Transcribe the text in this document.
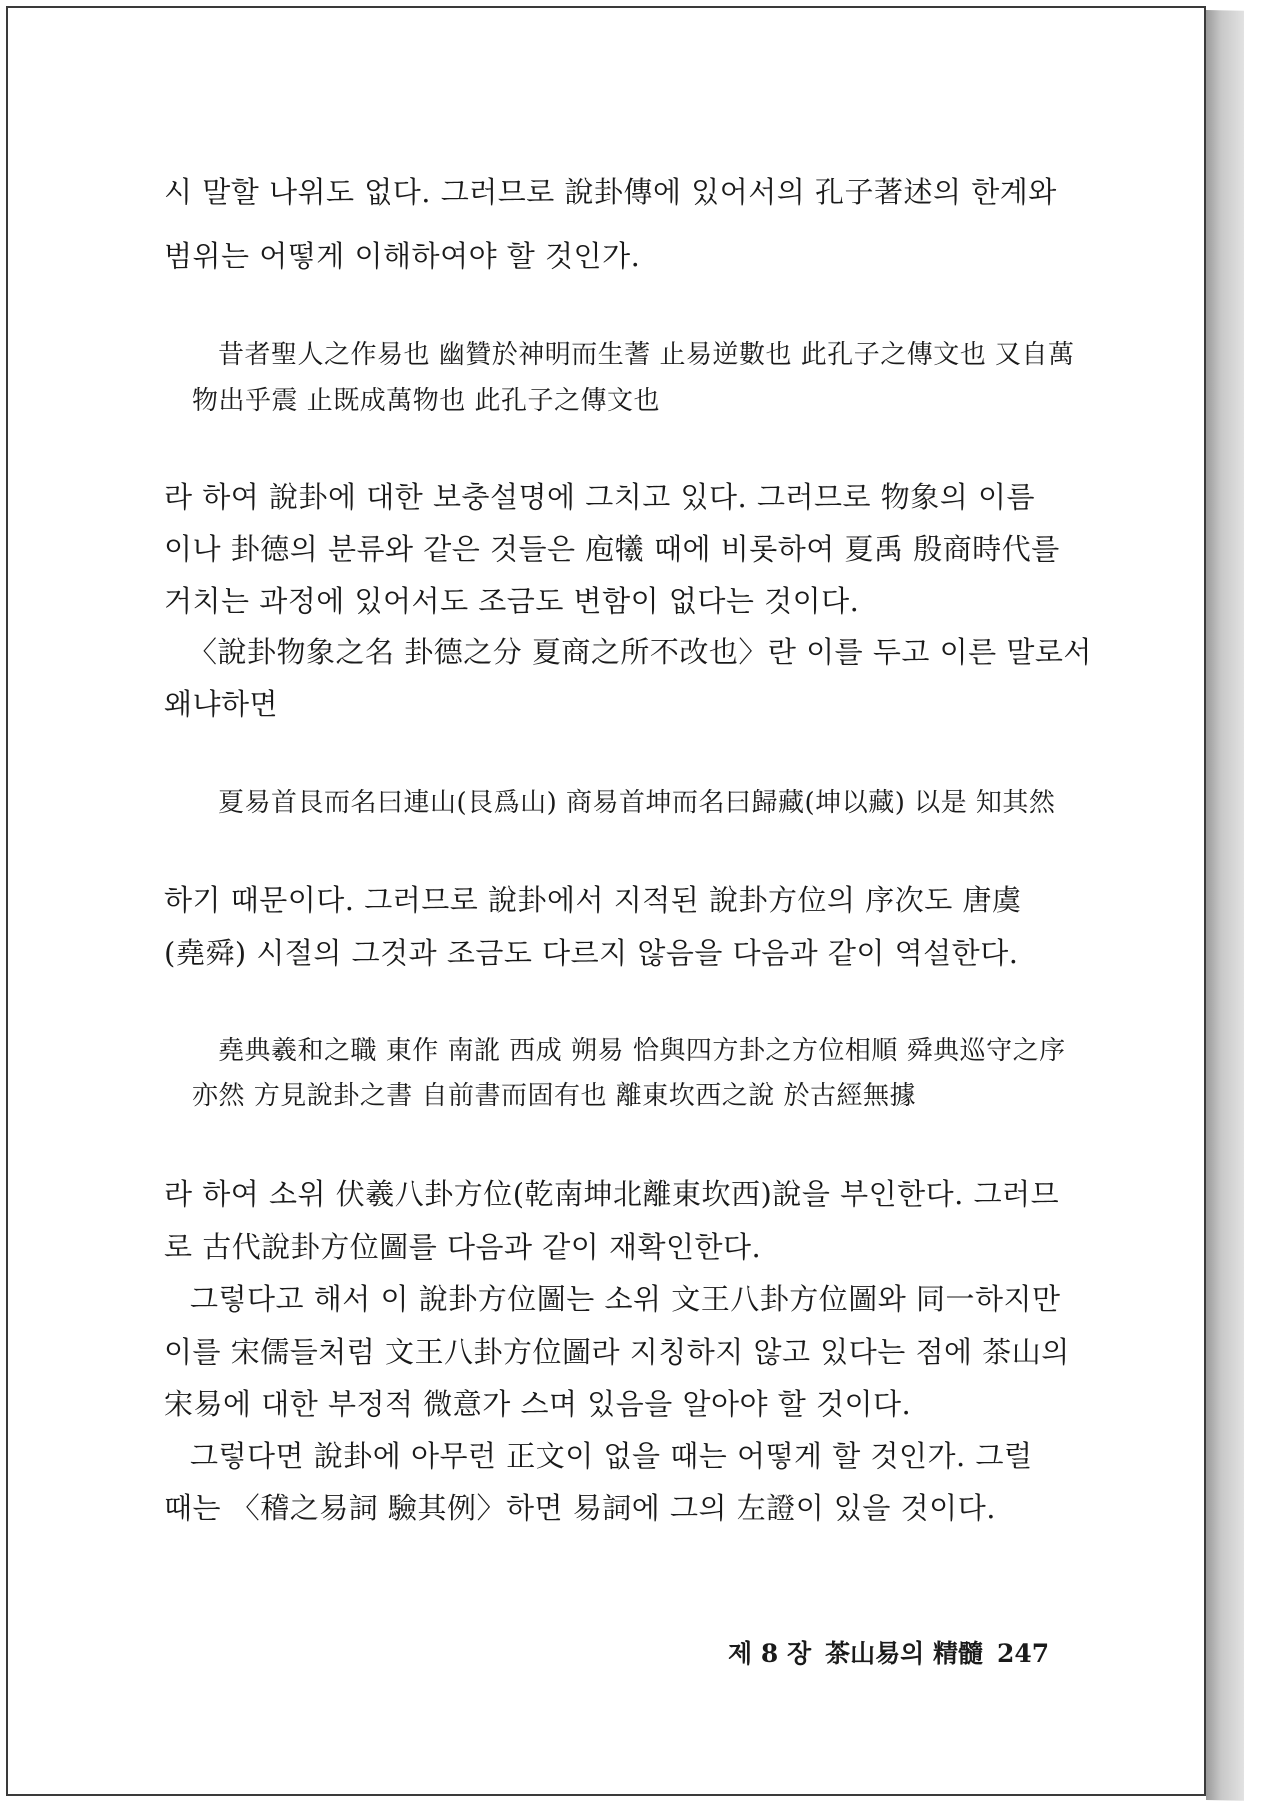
시 말할 나위도 없다. 그러므로 說卦傳에 있어서의 孔子著述의 한계와
범위는 어떻게 이해하여야 할 것인가.
昔者聖人之作易也 幽贊於神明而生蓍 止易逆數也 此孔子之傳文也 又自萬
物出乎震 止既成萬物也 此孔子之傳文也
라 하여 說卦에 대한 보충설명에 그치고 있다. 그러므로 物象의 이름
이나 卦德의 분류와 같은 것들은 庖犧 때에 비롯하여 夏禹 殷商時代를
거치는 과정에 있어서도 조금도 변함이 없다는 것이다.
〈說卦物象之名 卦德之分 夏商之所不改也〉란 이를 두고 이른 말로서
왜냐하면
夏易首艮而名曰連山(艮爲山) 商易首坤而名曰歸藏(坤以藏) 以是 知其然
하기 때문이다. 그러므로 說卦에서 지적된 說卦方位의 序次도 唐虞
(堯舜) 시절의 그것과 조금도 다르지 않음을 다음과 같이 역설한다.
堯典羲和之職 東作 南訛 西成 朔易 恰與四方卦之方位相順 舜典巡守之序
亦然 方見說卦之書 自前書而固有也 離東坎西之說 於古經無據
라 하여 소위 伏羲八卦方位(乾南坤北離東坎西)說을 부인한다. 그러므
로 古代說卦方位圖를 다음과 같이 재확인한다.
그렇다고 해서 이 說卦方位圖는 소위 文王八卦方位圖와 同一하지만
이를 宋儒들처럼 文王八卦方位圖라 지칭하지 않고 있다는 점에 茶山의
宋易에 대한 부정적 微意가 스며 있음을 알아야 할 것이다.
그렇다면 說卦에 아무런 正文이 없을 때는 어떻게 할 것인가. 그럴
때는 〈稽之易詞 驗其例〉하면 易詞에 그의 左證이 있을 것이다.
제 8 장 茶山易의 精髓 247
